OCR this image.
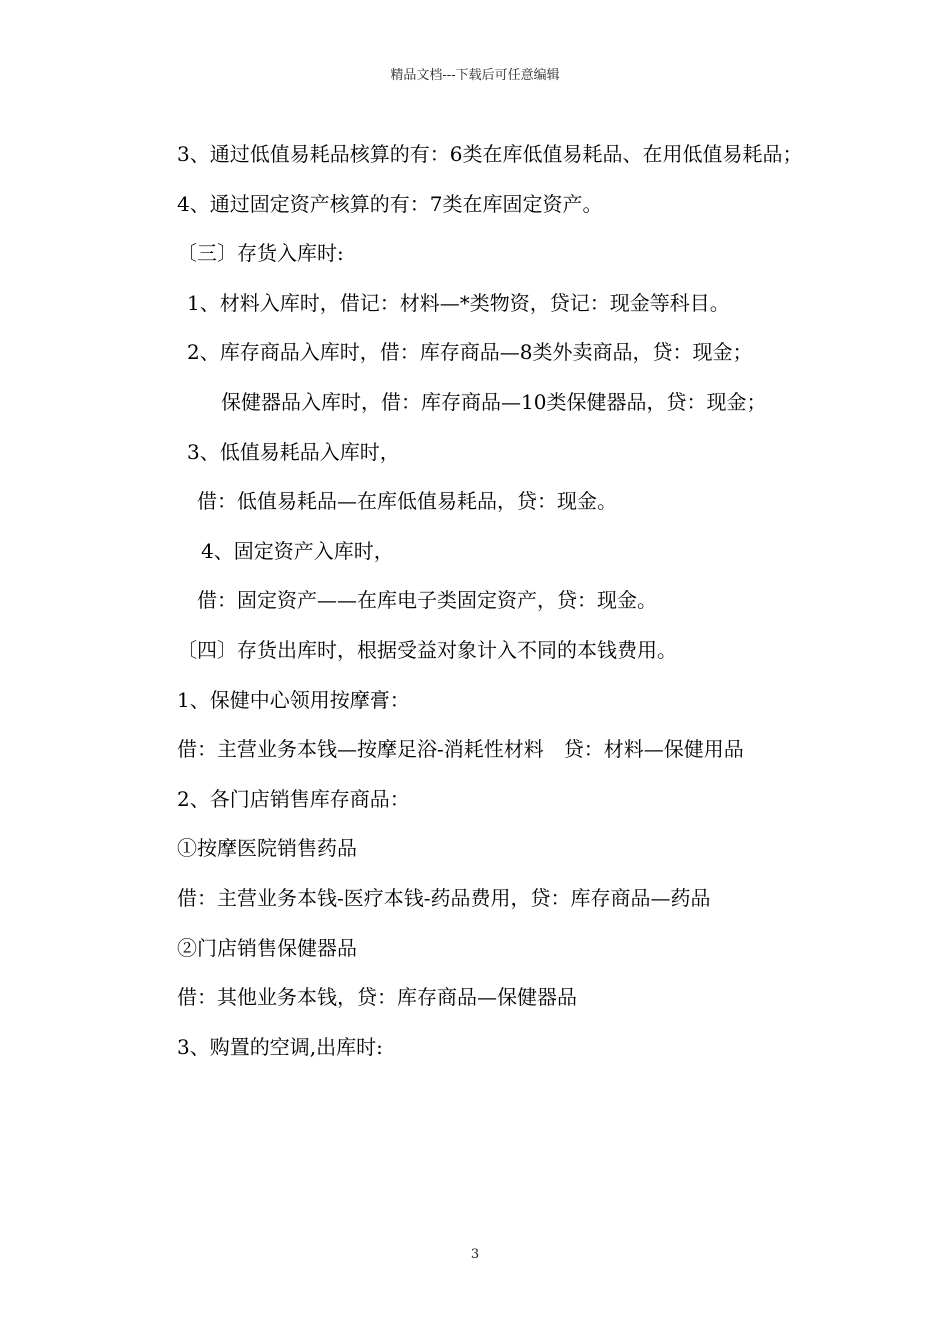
精品文档---下载后可任意编辑

3、通过低值易耗品核算的有：6类在库低值易耗品、在用低值易耗品；

4、通过固定资产核算的有：7类在库固定资产。

〔三〕存货入库时:

1、材料入库时，借记：材料—*类物资，贷记：现金等科目。

2、库存商品入库时，借：库存商品—8类外卖商品，贷：现金；

保健器品入库时，借：库存商品—10类保健器品，贷：现金；

3、低值易耗品入库时，

借：低值易耗品—在库低值易耗品，贷：现金。

4、固定资产入库时，

借：固定资产——在库电子类固定资产，贷：现金。

〔四〕存货出库时，根据受益对象计入不同的本钱费用。

1、保健中心领用按摩膏：

借：主营业务本钱—按摩足浴-消耗性材料　贷：材料—保健用品

2、各门店销售库存商品：

①按摩医院销售药品

借：主营业务本钱-医疗本钱-药品费用，贷：库存商品—药品

②门店销售保健器品

借：其他业务本钱，贷：库存商品—保健器品

3、购置的空调,出库时:

3
